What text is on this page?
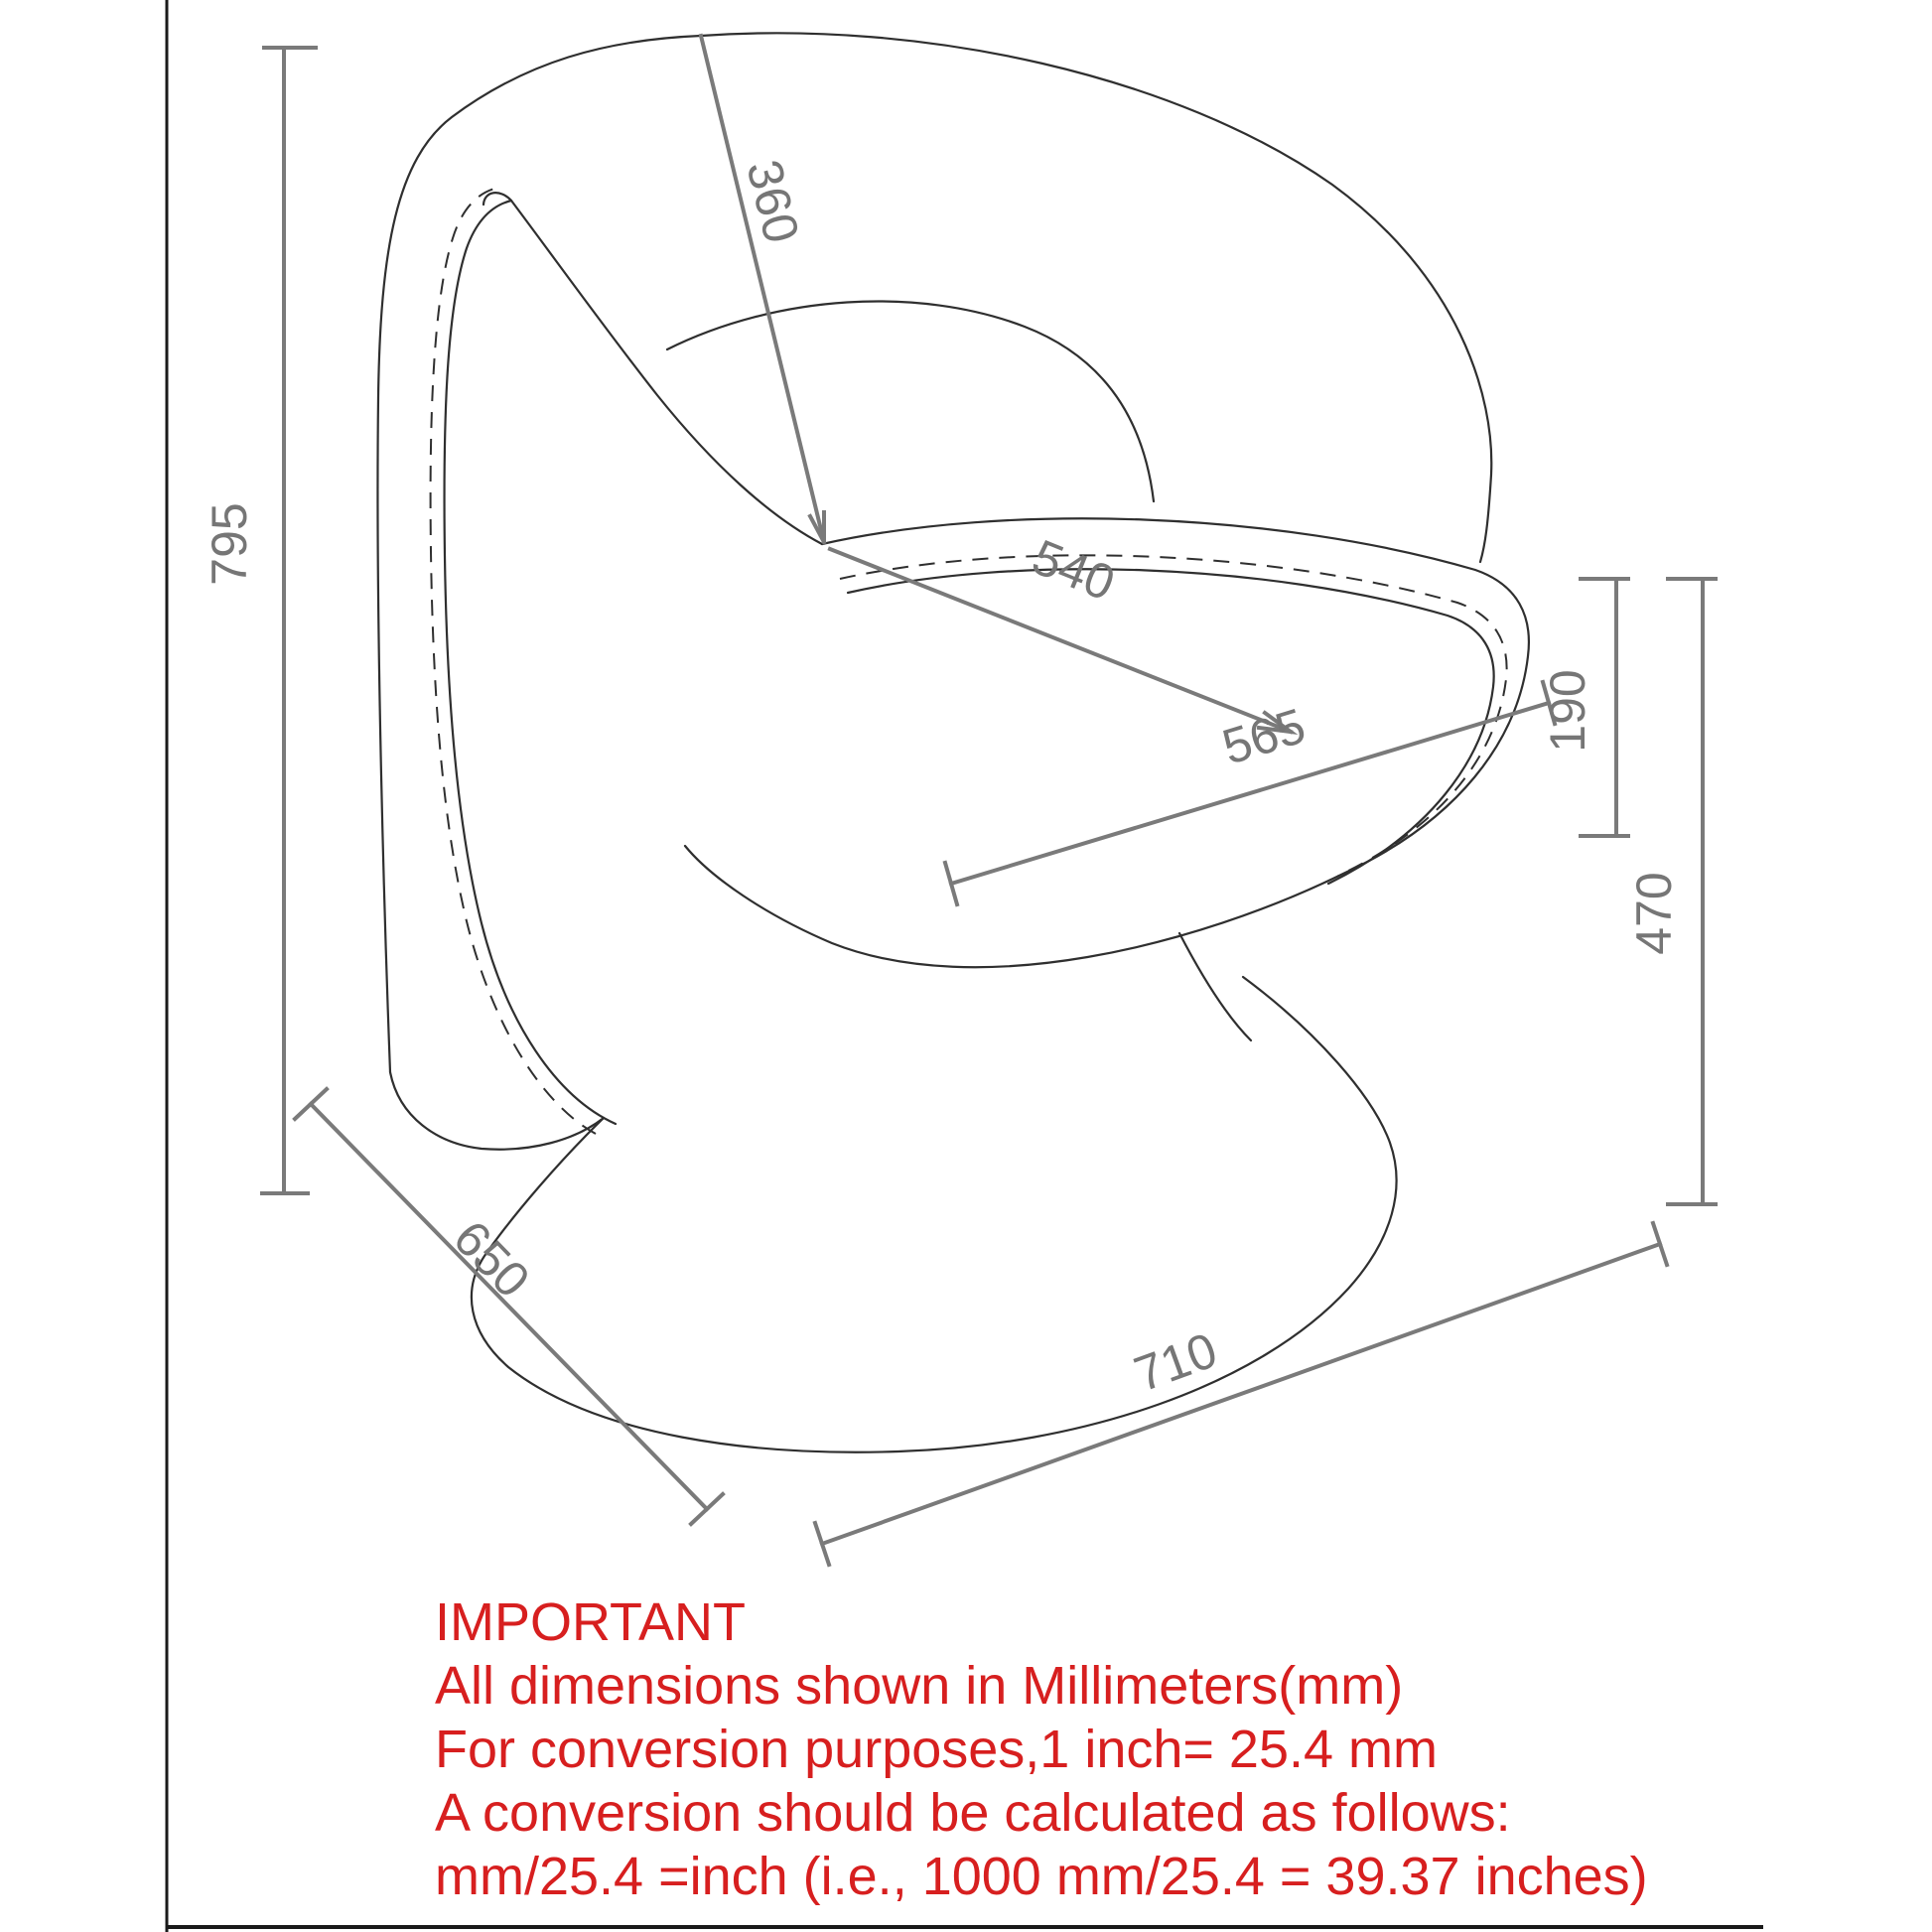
795
360
540
565	190
470
650
710
IMPORTANT
All dimensions shown in Millimeters(mm)
For conversion purposes,1 inch= 25.4 mm
A conversion should be calculated as follows:
mm/25.4 =inch (i.e., 1000 mm/25.4 = 39.37 inches)
